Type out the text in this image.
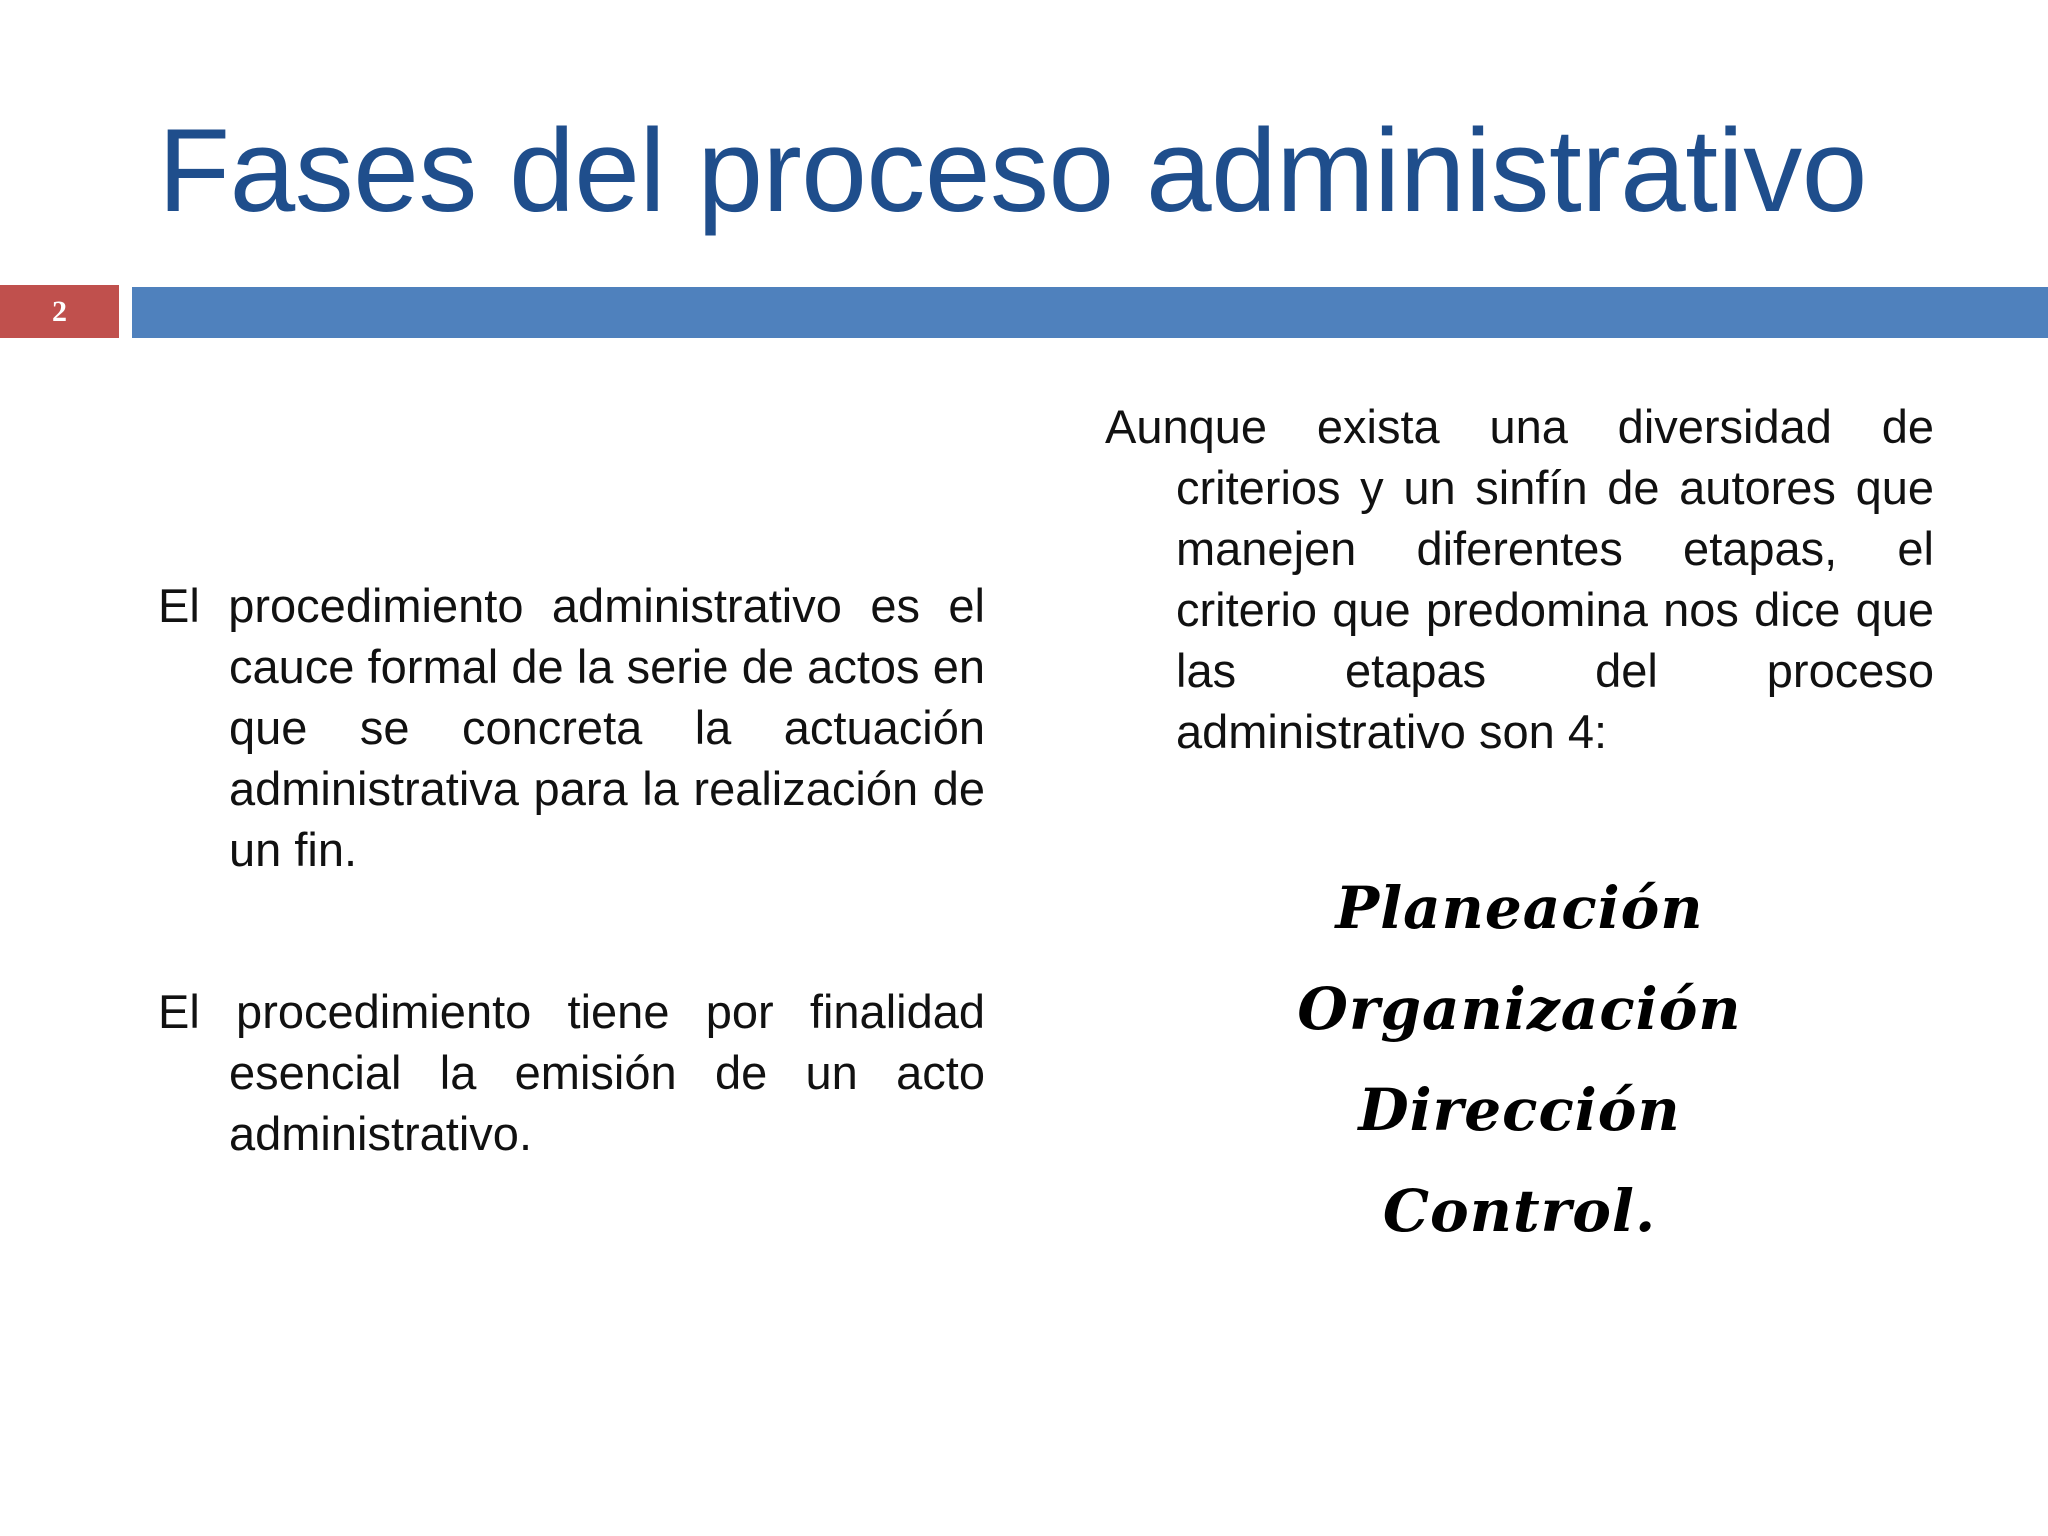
Fases del proceso administrativo
2

El procedimiento administrativo es el cauce formal de la serie de actos en que se concreta la actuación administrativa para la realización de un fin.

El procedimiento tiene por finalidad esencial la emisión de un acto administrativo.

Aunque exista una diversidad de criterios y un sinfín de autores que manejen diferentes etapas, el criterio que predomina nos dice que las etapas del proceso administrativo son 4:

Planeación
Organización
Dirección
Control.
